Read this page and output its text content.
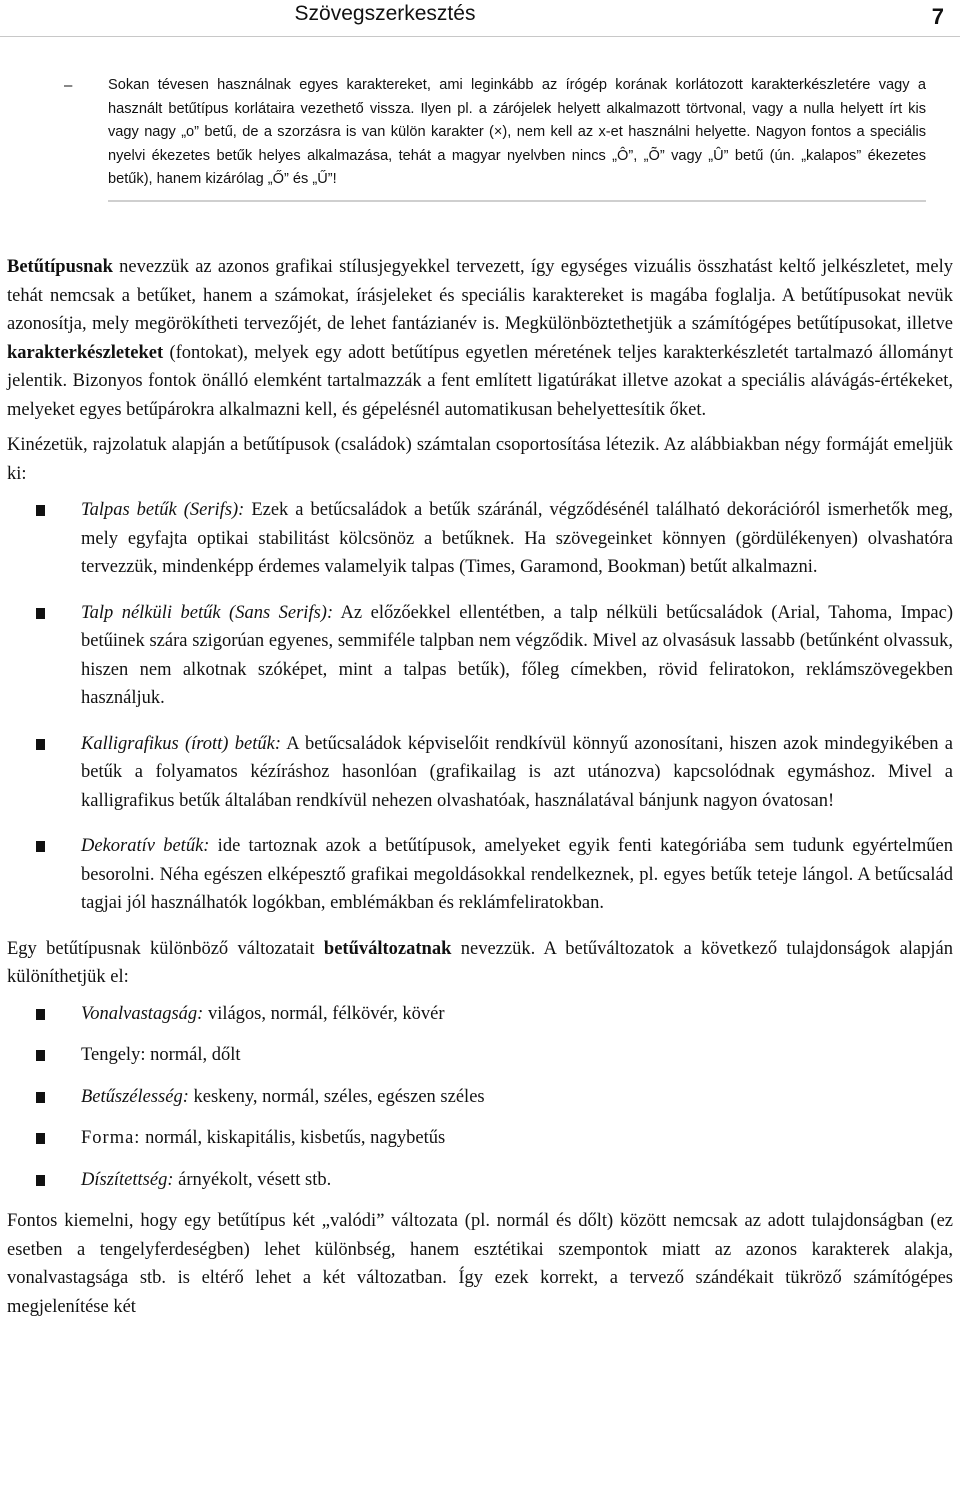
Szövegszerkesztés	7
– Sokan tévesen használnak egyes karaktereket, ami leginkább az írógép korának korlátozott karakterkészletére vagy a használt betűtípus korlátaira vezethető vissza. Ilyen pl. a zárójelek helyett alkalmazott törtvonal, vagy a nulla helyett írt kis vagy nagy „o” betű, de a szorzásra is van külön karakter (×), nem kell az x-et használni helyette. Nagyon fontos a speciális nyelvi ékezetes betűk helyes alkalmazása, tehát a magyar nyelvben nincs „Ô”, „Õ” vagy „Û” betű (ún. „kalapos” ékezetes betűk), hanem kizárólag „Ő” és „Ű”!

Betűtípusnak nevezzük az azonos grafikai stílusjegyekkel tervezett, így egységes vizuális összhatást keltő jelkészletet, mely tehát nemcsak a betűket, hanem a számokat, írásjeleket és speciális karaktereket is magába foglalja. A betűtípusokat nevük azonosítja, mely megörökítheti tervezőjét, de lehet fantázianév is. Megkülönböztethetjük a számítógépes betűtípusokat, illetve karakterkészleteket (fontokat), melyek egy adott betűtípus egyetlen méretének teljes karakterkészletét tartalmazó állományt jelentik. Bizonyos fontok önálló elemként tartalmazzák a fent említett ligatúrákat illetve azokat a speciális alávágás-értékeket, melyeket egyes betűpárokra alkalmazni kell, és gépelésnél automatikusan behelyettesítik őket.

Kinézetük, rajzolatuk alapján a betűtípusok (családok) számtalan csoportosítása létezik. Az alábbiakban négy formáját emeljük ki:

Talpas betűk (Serifs): Ezek a betűcsaládok a betűk száránál, végződésénél található dekorációról ismerhetők meg, mely egyfajta optikai stabilitást kölcsönöz a betűknek. Ha szövegeinket könnyen (gördülékenyen) olvashatóra tervezzük, mindenképp érdemes valamelyik talpas (Times, Garamond, Bookman) betűt alkalmazni.
Talp nélküli betűk (Sans Serifs): Az előzőekkel ellentétben, a talp nélküli betűcsaládok (Arial, Tahoma, Impac) betűinek szára szigorúan egyenes, semmiféle talpban nem végződik. Mivel az olvasásuk lassabb (betűnként olvassuk, hiszen nem alkotnak szóképet, mint a talpas betűk), főleg címekben, rövid feliratokon, reklámszövegekben használjuk.
Kalligrafikus (írott) betűk: A betűcsaládok képviselőit rendkívül könnyű azonosítani, hiszen azok mindegyikében a betűk a folyamatos kézíráshoz hasonlóan (grafikailag is azt utánozva) kapcsolódnak egymáshoz. Mivel a kalligrafikus betűk általában rendkívül nehezen olvashatóak, használatával bánjunk nagyon óvatosan!
Dekoratív betűk: ide tartoznak azok a betűtípusok, amelyeket egyik fenti kategóriába sem tudunk egyértelműen besorolni. Néha egészen elképesztő grafikai megoldásokkal rendelkeznek, pl. egyes betűk teteje lángol. A betűcsalád tagjai jól használhatók logókban, emblémákban és reklámfeliratokban.

Egy betűtípusnak különböző változatait betűváltozatnak nevezzük. A betűváltozatok a következő tulajdonságok alapján különíthetjük el:

Vonalvastagság: világos, normál, félkövér, kövér
Tengely: normál, dőlt
Betűszélesség: keskeny, normál, széles, egészen széles
Forma: normál, kiskapitális, kisbetűs, nagybetűs
Díszítettség: árnyékolt, vésett stb.

Fontos kiemelni, hogy egy betűtípus két „valódi” változata (pl. normál és dőlt) között nemcsak az adott tulajdonságban (ez esetben a tengelyferdeségben) lehet különbség, hanem esztétikai szempontok miatt az azonos karakterek alakja, vonalvastagsága stb. is eltérő lehet a két változatban. Így ezek korrekt, a tervező szándékait tükröző számítógépes megjelenítése két
